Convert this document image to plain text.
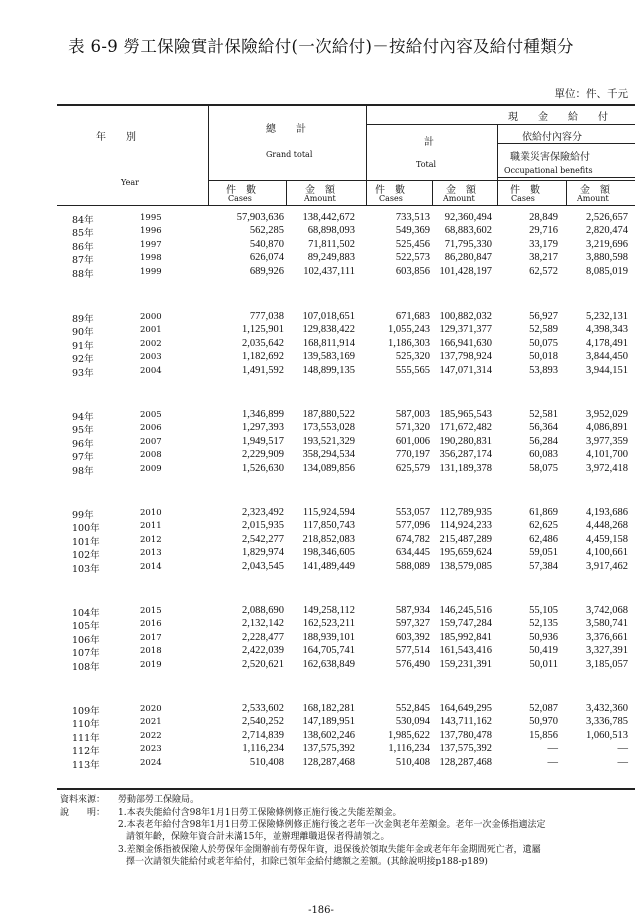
表 6-9 勞工保險實計保險給付(一次給付)－按給付內容及給付種類分
單位：件、千元
年　　別
Year
總　　計
Grand total
現　　金　　給　　付
計
Total
依給付內容分
職業災害保險給付
Occupational benefits
件　數
Cases
金　額
Amount
件　數
Cases
金　額
Amount
件　數
Cases
金　額
Amount
84年	1995	57,903,636	138,442,672	733,513	92,360,494	28,849	2,526,657
85年	1996	562,285	68,898,093	549,369	68,883,602	29,716	2,820,474
86年	1997	540,870	71,811,502	525,456	71,795,330	33,179	3,219,696
87年	1998	626,074	89,249,883	522,573	86,280,847	38,217	3,880,598
88年	1999	689,926	102,437,111	603,856 101,428,197	62,572	8,085,019
89年	2000	777,038	107,018,651	671,683 100,882,032	56,927	5,232,131
90年	2001	1,125,901	129,838,422	1,055,243 129,371,377	52,589	4,398,343
91年	2002	2,035,642	168,811,914	1,186,303 166,941,630	50,075	4,178,491
92年	2003	1,182,692	139,583,169	525,320 137,798,924	50,018	3,844,450
93年	2004	1,491,592	148,899,135	555,565 147,071,314	53,893	3,944,151
94年	2005	1,346,899	187,880,522	587,003 185,965,543	52,581	3,952,029
95年	2006	1,297,393	173,553,028	571,320 171,672,482	56,364	4,086,891
96年	2007	1,949,517	193,521,329	601,006 190,280,831	56,284	3,977,359
97年	2008	2,229,909	358,294,534	770,197 356,287,174	60,083	4,101,700
98年	2009	1,526,630	134,089,856	625,579 131,189,378	58,075	3,972,418
99年	2010	2,323,492	115,924,594	553,057 112,789,935	61,869	4,193,686
100年	2011	2,015,935	117,850,743	577,096 114,924,233	62,625	4,448,268
101年	2012	2,542,277	218,852,083	674,782 215,487,289	62,486	4,459,158
102年	2013	1,829,974	198,346,605	634,445 195,659,624	59,051	4,100,661
103年	2014	2,043,545	141,489,449	588,089 138,579,085	57,384	3,917,462
104年	2015	2,088,690	149,258,112	587,934 146,245,516	55,105	3,742,068
105年	2016	2,132,142	162,523,211	597,327 159,747,284	52,135	3,580,741
106年	2017	2,228,477	188,939,101	603,392 185,992,841	50,936	3,376,661
107年	2018	2,422,039	164,705,741	577,514 161,543,416	50,419	3,327,391
108年	2019	2,520,621	162,638,849	576,490 159,231,391	50,011	3,185,057
109年	2020	2,533,602	168,182,281	552,845 164,649,295	52,087	3,432,360
110年	2021	2,540,252	147,189,951	530,094 143,711,162	50,970	3,336,785
111年	2022	2,714,839	138,602,246	1,985,622 137,780,478	15,856	1,060,513
112年	2023	1,116,234	137,575,392	1,116,234 137,575,392	—	—
113年	2024	510,408	128,287,468	510,408 128,287,468	—	—
資料來源： 勞動部勞工保險局。
說　　明： 1.本表失能給付含98年1月1日勞工保險條例修正施行後之失能差額金。
2.本表老年給付含98年1月1日勞工保險條例修正施行後之老年一次金與老年差額金。老年一次金係指適法定
請領年齡，保險年資合計未滿15年，並辦理離職退保者得請領之。
3.差額金係指被保險人於勞保年金開辦前有勞保年資，退保後於領取失能年金或老年年金期間死亡者，遺屬
擇一次請領失能給付或老年給付，扣除已領年金給付總額之差額。(其餘說明接p188-p189)
-186-
